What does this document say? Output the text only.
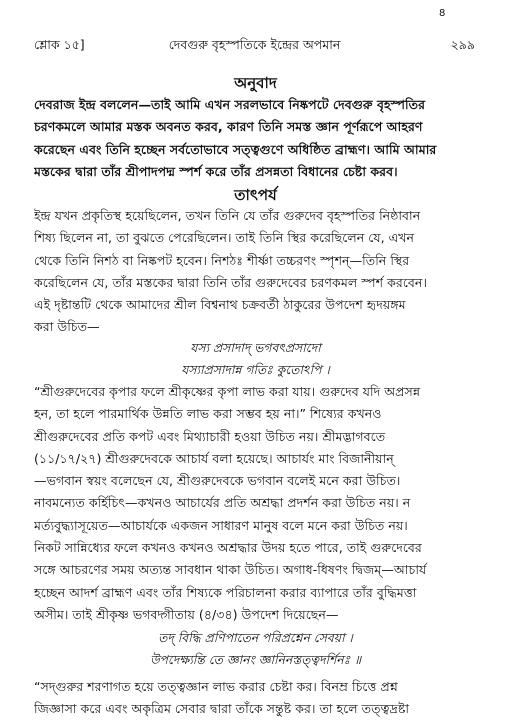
8
শ্লোক ১৫]	দেবগুরু বৃহস্পতিকে ইন্দ্রের অপমান	২৯৯
অনুবাদ
দেবরাজ ইন্দ্র বললেন—তাই আমি এখন সরলভাবে নিষ্কপটে দেবগুরু বৃহস্পতির
চরণকমলে আমার মস্তক অবনত করব, কারণ তিনি সমস্ত জ্ঞান পূর্ণরূপে আহরণ
করেছেন এবং তিনি হচ্ছেন সর্বতোভাবে সত্ত্বগুণে অধিষ্ঠিত ব্রাহ্মণ। আমি আমার
মস্তকের দ্বারা তাঁর শ্রীপাদপদ্ম স্পর্শ করে তাঁর প্রসন্নতা বিধানের চেষ্টা করব।
তাৎপর্য
ইন্দ্র যখন প্রকৃতিস্থ হয়েছিলেন, তখন তিনি যে তাঁর গুরুদেব বৃহস্পতির নিষ্ঠাবান
শিষ্য ছিলেন না, তা বুঝতে পেরেছিলেন। তাই তিনি স্থির করেছিলেন যে, এখন
থেকে তিনি নিশঠ বা নিষ্কপট হবেন। নিশঠঃ শীর্ষ্ণা তচ্চরণং স্পৃশন্—তিনি স্থির
করেছিলেন যে, তাঁর মস্তকের দ্বারা তিনি তাঁর গুরুদেবের চরণকমল স্পর্শ করবেন।
এই দৃষ্টান্তটি থেকে আমাদের শ্রীল বিশ্বনাথ চক্রবর্তী ঠাকুরের উপদেশ হৃদয়ঙ্গম
করা উচিত—
যস্য প্রসাদাদ্ ভগবৎপ্রসাদো
যস্যাপ্রসাদান্ন গতিঃ কুতোঽপি ।
“শ্রীগুরুদেবের কৃপার ফলে শ্রীকৃষ্ণের কৃপা লাভ করা যায়। গুরুদেব যদি অপ্রসন্ন
হন, তা হলে পারমার্থিক উন্নতি লাভ করা সম্ভব হয় না।” শিষ্যের কখনও
শ্রীগুরুদেবের প্রতি কপট এবং মিথ্যাচারী হওয়া উচিত নয়। শ্রীমদ্ভাগবতে
(১১/১৭/২৭) শ্রীগুরুদেবকে আচার্য বলা হয়েছে। আচার্যং মাং বিজানীয়ান্
—ভগবান স্বয়ং বলেছেন যে, শ্রীগুরুদেবকে ভগবান বলেই মনে করা উচিত।
নাবমন্যেত কর্হিচিৎ—কখনও আচার্যের প্রতি অশ্রদ্ধা প্রদর্শন করা উচিত নয়। ন
মর্ত্যবুদ্ধ্যাসূয়েত—আচার্যকে একজন সাধারণ মানুষ বলে মনে করা উচিত নয়।
নিকট সান্নিধ্যের ফলে কখনও কখনও অশ্রদ্ধার উদয় হতে পারে, তাই গুরুদেবের
সঙ্গে আচরণের সময় অত্যন্ত সাবধান থাকা উচিত। অগাধ-ধিষণং দ্বিজম্—আচার্য
হচ্ছেন আদর্শ ব্রাহ্মণ এবং তাঁর শিষ্যকে পরিচালনা করার ব্যাপারে তাঁর বুদ্ধিমত্তা
অসীম। তাই শ্রীকৃষ্ণ ভগবদ্গীতায় (৪/৩৪) উপদেশ দিয়েছেন—
তদ্ বিদ্ধি প্রণিপাতেন পরিপ্রশ্নেন সেবয়া ।
উপদেক্ষ্যন্তি তে জ্ঞানং জ্ঞানিনস্তত্ত্বদর্শিনঃ ॥
“সদ্গুরুর শরণাগত হয়ে তত্ত্বজ্ঞান লাভ করার চেষ্টা কর। বিনম্র চিত্তে প্রশ্ন
জিজ্ঞাসা করে এবং অকৃত্রিম সেবার দ্বারা তাঁকে সন্তুষ্ট কর। তা হলে তত্ত্বদ্রষ্টা
